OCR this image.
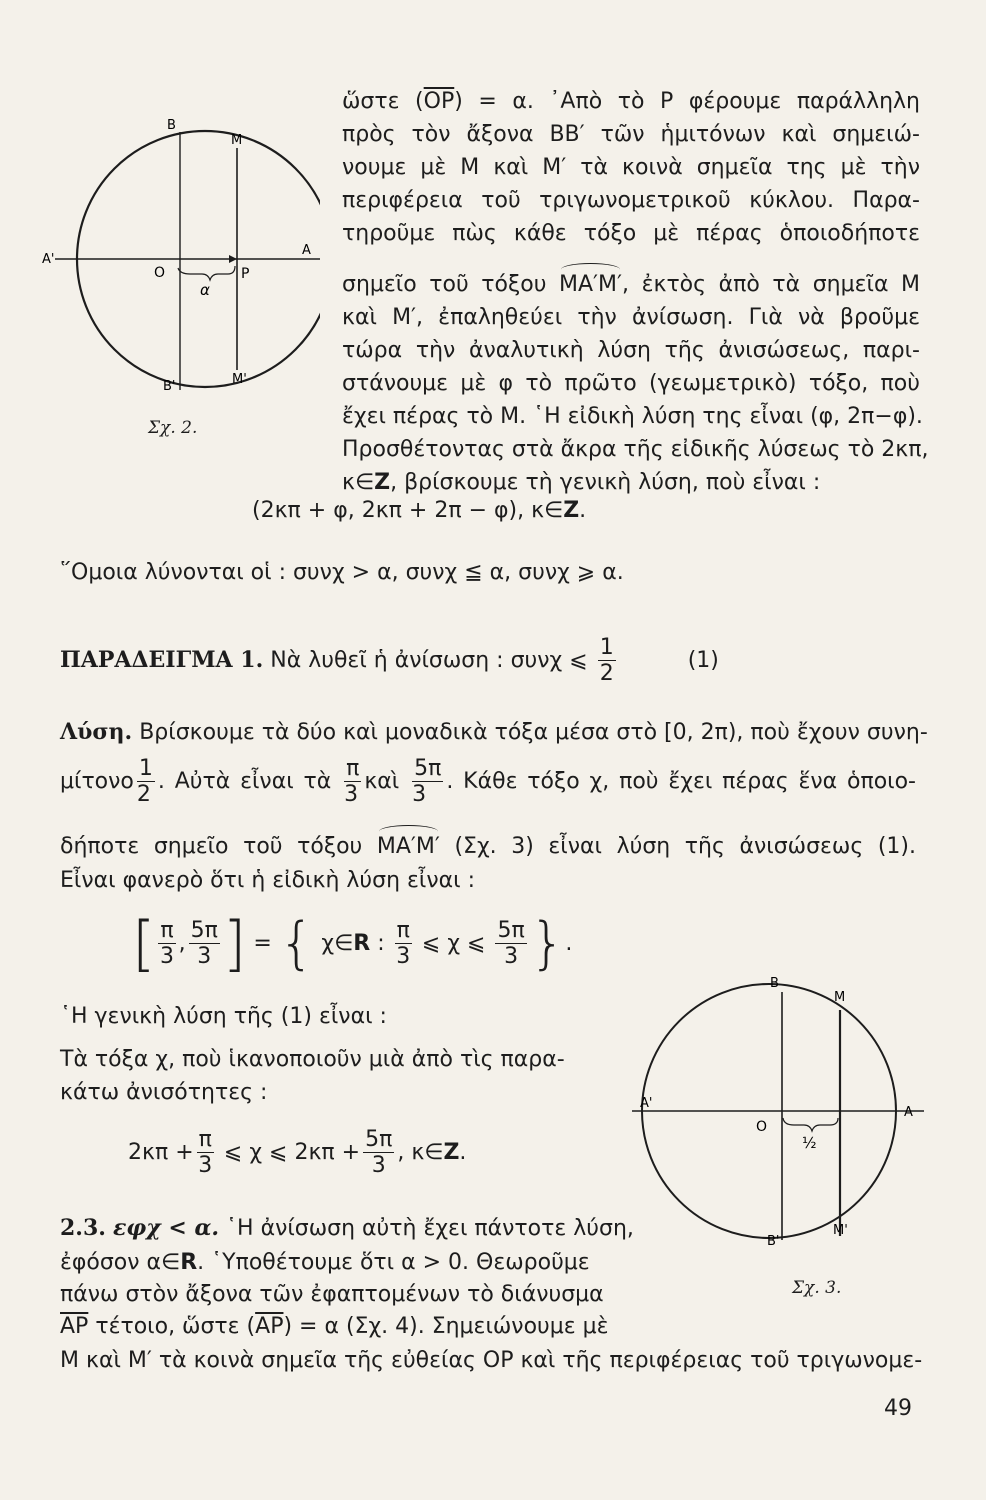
B
M
A'
O
α
P
A
B'	M'
Σχ. 2.
ὥστε $(\overline{OP}) = \alpha$. ᾿Απὸ τὸ P φέρουμε παράλληλη
πρὸς τὸν ἄξονα BB′ τῶν ἡμιτόνων καὶ σημειώ-
νουμε μὲ M καὶ M′ τὰ κοινὰ σημεῖα της μὲ τὴν
περιφέρεια τοῦ τριγωνομετρικοῦ κύκλου. Παρα-
τηροῦμε πὼς κάθε τόξο μὲ πέρας ὁποιοδήποτε
σημεῖο τοῦ τόξου MA′M′, ἐκτὸς ἀπὸ τὰ σημεῖα M
καὶ M′, ἐπαληθεύει τὴν ἀνίσωση. Γιὰ νὰ βροῦμε
τώρα τὴν ἀναλυτικὴ λύση τῆς ἀνισώσεως, παρι-
στάνουμε μὲ φ τὸ πρῶτο (γεωμετρικὸ) τόξο, ποὺ
ἔχει πέρας τὸ M. ῾Η εἰδικὴ λύση της εἶναι (φ, 2π−φ).
Προσθέτοντας στὰ ἄκρα τῆς εἰδικῆς λύσεως τὸ 2κπ,
κ∈Z, βρίσκουμε τὴ γενικὴ λύση, ποὺ εἶναι :
(2κπ + φ, 2κπ + 2π − φ), κ∈Z.
῞Ομοια λύνονται οἱ : συνχ > α, συνχ ≦ α, συνχ ⩾ α.
ΠΑΡΑΔΕΙΓΜΑ 1. Νὰ λυθεῖ ἡ ἀνίσωση : συνχ ⩽ $\frac{1}{2}$	(1)
Λύση. Βρίσκουμε τὰ δύο καὶ μοναδικὰ τόξα μέσα στὸ [0, 2π), ποὺ ἔχουν συνη-
μίτονο $\frac{1}{2}$ . Αὐτὰ εἶναι τὰ $\frac{\pi}{3}$ καὶ $\frac{5\pi}{3}$ . Κάθε τόξο χ, ποὺ ἔχει πέρας ἕνα ὁποιο-
δήποτε σημεῖο τοῦ τόξου MA′M′ (Σχ. 3) εἶναι λύση τῆς ἀνισώσεως (1).
Εἶναι φανερὸ ὅτι ἡ εἰδικὴ λύση εἶναι :
[ $\frac{\pi}{3}$ , $\frac{5\pi}{3}$ ] = { χ∈R : $\frac{\pi}{3}$ ⩽ χ ⩽ $\frac{5\pi}{3}$ }.
῾Η γενικὴ λύση τῆς (1) εἶναι :
Τὰ τόξα χ, ποὺ ἱκανοποιοῦν μιὰ ἀπὸ τὶς παρα-
κάτω ἀνισότητες :
$2\kappa\pi + \frac{\pi}{3}$ ⩽ χ ⩽ $2\kappa\pi + \frac{5\pi}{3}$ , κ∈Z.
B
M
A'
O
½
A
B'
M'
Σχ. 3.
2.3. εφχ < α. ῾Η ἀνίσωση αὐτὴ ἔχει πάντοτε λύση,
ἐφόσον α∈R. ῾Υποθέτουμε ὅτι α > 0. Θεωροῦμε
πάνω στὸν ἄξονα τῶν ἐφαπτομένων τὸ διάνυσμα
$\overline{AP}$ τέτοιο, ὥστε $(\overline{AP}) = \alpha$ (Σχ. 4). Σημειώνουμε μὲ
M καὶ M′ τὰ κοινὰ σημεῖα τῆς εὐθείας OP καὶ τῆς περιφέρειας τοῦ τριγωνομε-
49
